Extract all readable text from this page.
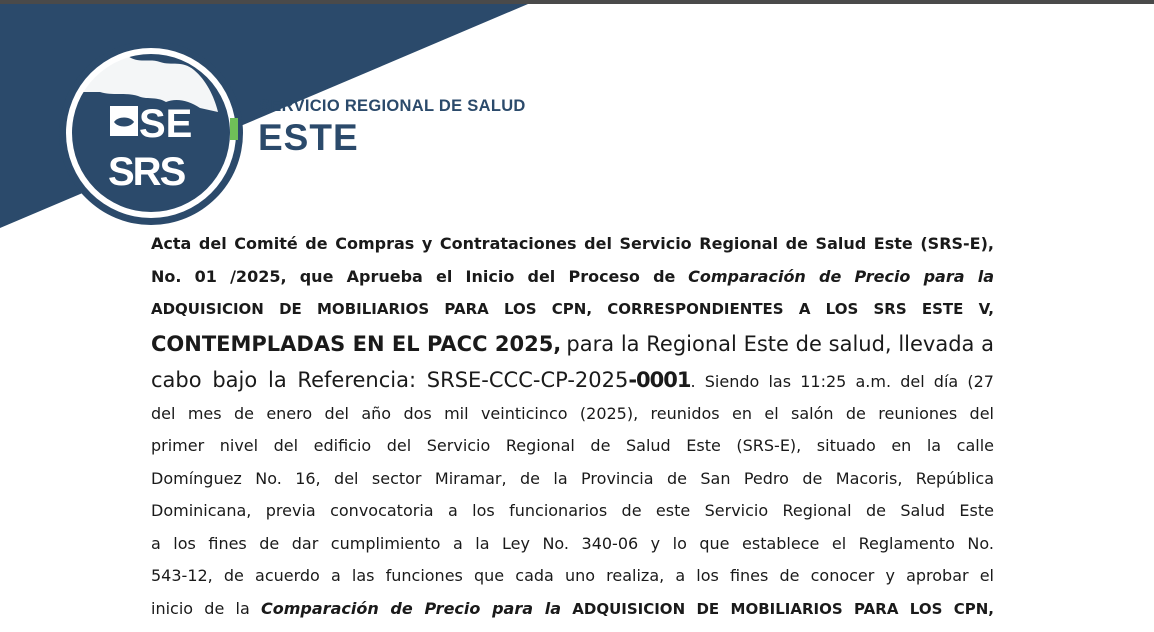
SE
SRS
SERVICIO REGIONAL DE SALUD
ESTE
Acta del Comité de Compras y Contrataciones del Servicio Regional de Salud Este (SRS-E),
No. 01 /2025, que Aprueba el Inicio del Proceso de Comparación de Precio para la
ADQUISICION DE MOBILIARIOS PARA LOS CPN, CORRESPONDIENTES A LOS SRS ESTE V,
CONTEMPLADAS EN EL PACC 2025, para la Regional Este de salud, llevada a
cabo bajo la Referencia: SRSE-CCC-CP-2025-0001. Siendo las 11:25 a.m. del día (27
del mes de enero del año dos mil veinticinco (2025), reunidos en el salón de reuniones del
primer nivel del edificio del Servicio Regional de Salud Este (SRS-E), situado en la calle
Domínguez No. 16, del sector Miramar, de la Provincia de San Pedro de Macoris, República
Dominicana, previa convocatoria a los funcionarios de este Servicio Regional de Salud Este
a los fines de dar cumplimiento a la Ley No. 340-06 y lo que establece el Reglamento No.
543-12, de acuerdo a las funciones que cada uno realiza, a los fines de conocer y aprobar el
inicio de la Comparación de Precio para la ADQUISICION DE MOBILIARIOS PARA LOS CPN,
